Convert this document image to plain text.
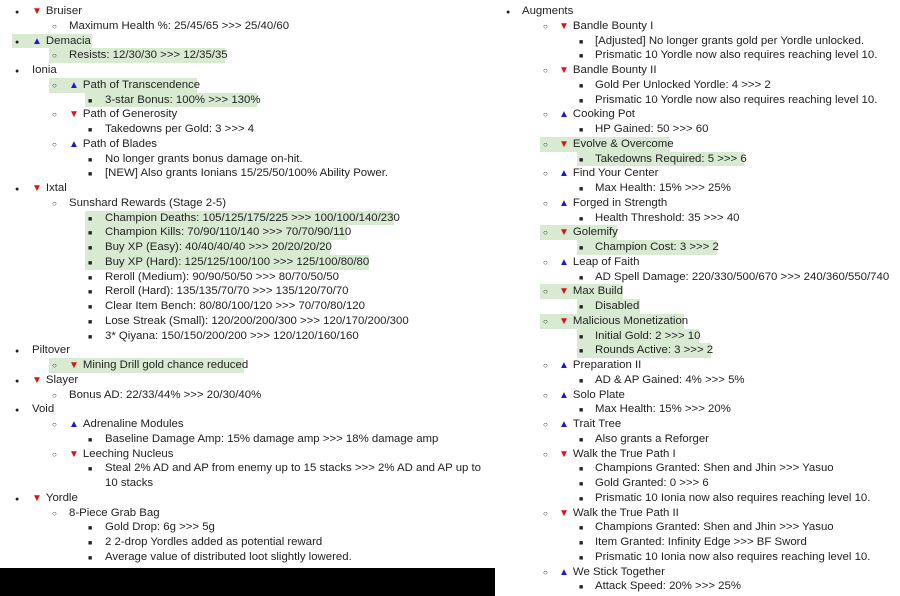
●
▼Bruiser
○
Maximum Health %: 25/45/65 >>> 25/40/60
●
▲Demacia
○
Resists: 12/30/30 >>> 12/35/35
●
Ionia
○
▲Path of Transcendence
■
3-star Bonus: 100% >>> 130%
○
▼Path of Generosity
■
Takedowns per Gold: 3 >>> 4
○
▲Path of Blades
■
No longer grants bonus damage on-hit.
■
[NEW] Also grants Ionians 15/25/50/100% Ability Power.
●
▼Ixtal
○
Sunshard Rewards (Stage 2-5)
■
Champion Deaths: 105/125/175/225 >>> 100/100/140/230
■
Champion Kills: 70/90/110/140 >>> 70/70/90/110
■
Buy XP (Easy): 40/40/40/40 >>> 20/20/20/20
■
Buy XP (Hard): 125/125/100/100 >>> 125/100/80/80
■
Reroll (Medium): 90/90/50/50 >>> 80/70/50/50
■
Reroll (Hard): 135/135/70/70 >>> 135/120/70/70
■
Clear Item Bench: 80/80/100/120 >>> 70/70/80/120
■
Lose Streak (Small): 120/200/200/300 >>> 120/170/200/300
■
3* Qiyana: 150/150/200/200 >>> 120/120/160/160
●
Piltover
○
▼Mining Drill gold chance reduced
●
▼Slayer
○
Bonus AD: 22/33/44% >>> 20/30/40%
●
Void
○
▲Adrenaline Modules
■
Baseline Damage Amp: 15% damage amp >>> 18% damage amp
○
▼Leeching Nucleus
■
Steal 2% AD and AP from enemy up to 15 stacks >>> 2% AD and AP up to 10 stacks
●
▼Yordle
○
8-Piece Grab Bag
■
Gold Drop: 6g >>> 5g
■
2 2-drop Yordles added as potential reward
■
Average value of distributed loot slightly lowered.
●
Augments
○
▼Bandle Bounty I
■
[Adjusted] No longer grants gold per Yordle unlocked.
■
Prismatic 10 Yordle now also requires reaching level 10.
○
▼Bandle Bounty II
■
Gold Per Unlocked Yordle: 4 >>> 2
■
Prismatic 10 Yordle now also requires reaching level 10.
○
▲Cooking Pot
■
HP Gained: 50 >>> 60
○
▼Evolve & Overcome
■
Takedowns Required: 5 >>> 6
○
▲Find Your Center
■
Max Health: 15% >>> 25%
○
▲Forged in Strength
■
Health Threshold: 35 >>> 40
○
▼Golemify
■
Champion Cost: 3 >>> 2
○
▲Leap of Faith
■
AD Spell Damage: 220/330/500/670 >>> 240/360/550/740
○
▼Max Build
■
Disabled
○
▼Malicious Monetization
■
Initial Gold: 2 >>> 10
■
Rounds Active: 3 >>> 2
○
▲Preparation II
■
AD & AP Gained: 4% >>> 5%
○
▲Solo Plate
■
Max Health: 15% >>> 20%
○
▲Trait Tree
■
Also grants a Reforger
○
▼Walk the True Path I
■
Champions Granted: Shen and Jhin >>> Yasuo
■
Gold Granted: 0 >>> 6
■
Prismatic 10 Ionia now also requires reaching level 10.
○
▼Walk the True Path II
■
Champions Granted: Shen and Jhin >>> Yasuo
■
Item Granted: Infinity Edge >>> BF Sword
■
Prismatic 10 Ionia now also requires reaching level 10.
○
▲We Stick Together
■
Attack Speed: 20% >>> 25%
